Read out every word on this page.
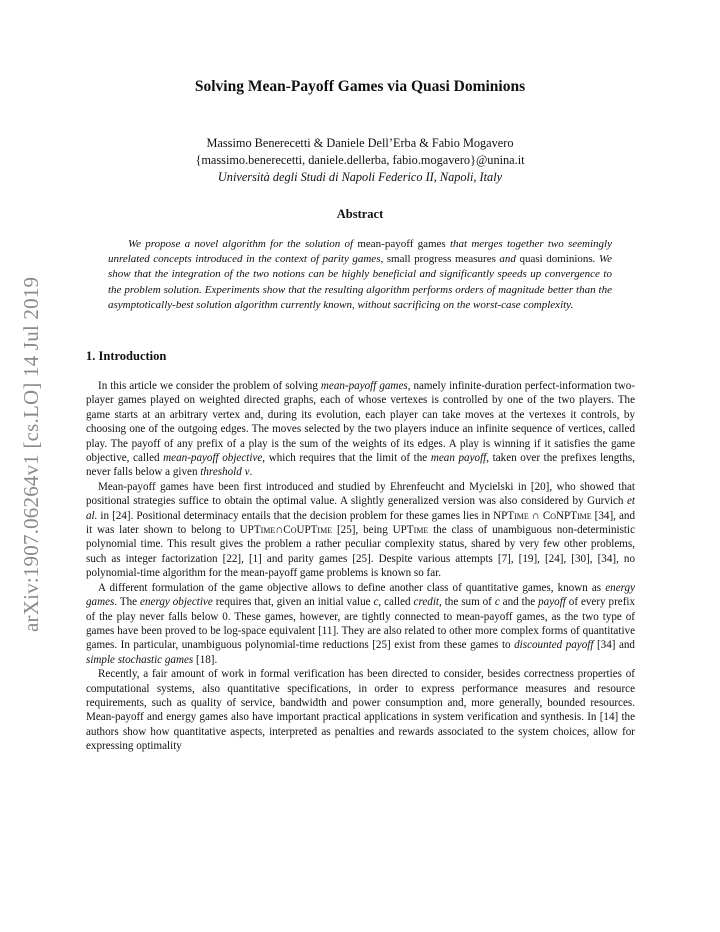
arXiv:1907.06264v1 [cs.LO] 14 Jul 2019
Solving Mean-Payoff Games via Quasi Dominions
Massimo Benerecetti & Daniele Dell’Erba & Fabio Mogavero
{massimo.benerecetti, daniele.dellerba, fabio.mogavero}@unina.it
Università degli Studi di Napoli Federico II, Napoli, Italy
Abstract
We propose a novel algorithm for the solution of mean-payoff games that merges together two seemingly unrelated concepts introduced in the context of parity games, small progress measures and quasi dominions. We show that the integration of the two notions can be highly beneficial and significantly speeds up convergence to the problem solution. Experiments show that the resulting algorithm performs orders of magnitude better than the asymptotically-best solution algorithm currently known, without sacrificing on the worst-case complexity.
1. Introduction

In this article we consider the problem of solving mean-payoff games, namely infinite-duration perfect-information two-player games played on weighted directed graphs, each of whose vertexes is controlled by one of the two players. The game starts at an arbitrary vertex and, during its evolution, each player can take moves at the vertexes it controls, by choosing one of the outgoing edges. The moves selected by the two players induce an infinite sequence of vertices, called play. The payoff of any prefix of a play is the sum of the weights of its edges. A play is winning if it satisfies the game objective, called mean-payoff objective, which requires that the limit of the mean payoff, taken over the prefixes lengths, never falls below a given threshold ν.

Mean-payoff games have been first introduced and studied by Ehrenfeucht and Mycielski in [20], who showed that positional strategies suffice to obtain the optimal value. A slightly generalized version was also considered by Gurvich et al. in [24]. Positional determinacy entails that the decision problem for these games lies in NPTime ∩ CoNPTime [34], and it was later shown to belong to UPTime∩CoUPTime [25], being UPTime the class of unambiguous non-deterministic polynomial time. This result gives the problem a rather peculiar complexity status, shared by very few other problems, such as integer factorization [22], [1] and parity games [25]. Despite various attempts [7], [19], [24], [30], [34], no polynomial-time algorithm for the mean-payoff game problems is known so far.

A different formulation of the game objective allows to define another class of quantitative games, known as energy games. The energy objective requires that, given an initial value c, called credit, the sum of c and the payoff of every prefix of the play never falls below 0. These games, however, are tightly connected to mean-payoff games, as the two type of games have been proved to be log-space equivalent [11]. They are also related to other more complex forms of quantitative games. In particular, unambiguous polynomial-time reductions [25] exist from these games to discounted payoff [34] and simple stochastic games [18].

Recently, a fair amount of work in formal verification has been directed to consider, besides correctness properties of computational systems, also quantitative specifications, in order to express performance measures and resource requirements, such as quality of service, bandwidth and power consumption and, more generally, bounded resources. Mean-payoff and energy games also have important practical applications in system verification and synthesis. In [14] the authors show how quantitative aspects, interpreted as penalties and rewards associated to the system choices, allow for expressing optimality
